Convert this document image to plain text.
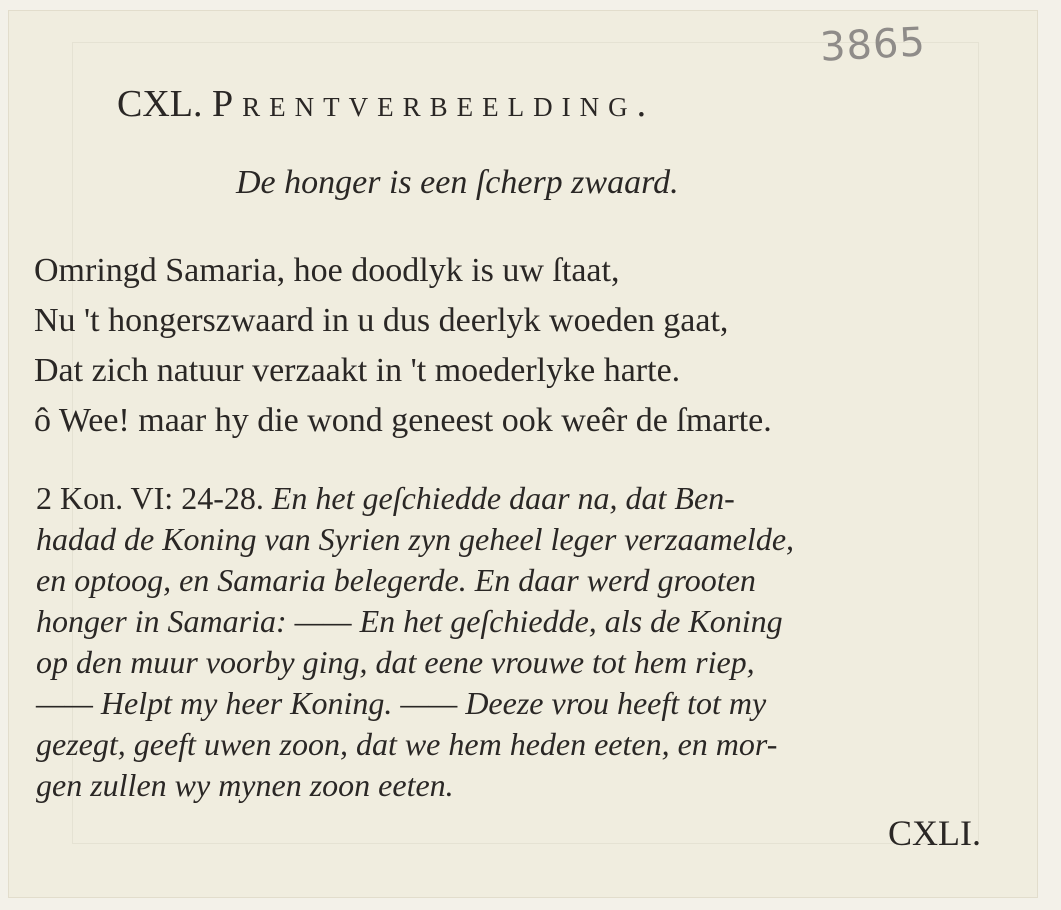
3865
CXL. Prentverbeelding.
De honger is een ſcherp zwaard.
Omringd Samaria, hoe doodlyk is uw ſtaat,
Nu 't hongerszwaard in u dus deerlyk woeden gaat,
Dat zich natuur verzaakt in 't moederlyke harte.
ô Wee! maar hy die wond geneest ook weêr de ſmarte.
2 Kon. VI: 24-28. En het geſchiedde daar na, dat Ben-
hadad de Koning van Syrien zyn geheel leger verzaamelde,
en optoog, en Samaria belegerde. En daar werd grooten
honger in Samaria: —— En het geſchiedde, als de Koning
op den muur voorby ging, dat eene vrouwe tot hem riep,
—— Helpt my heer Koning. —— Deeze vrou heeft tot my
gezegt, geeft uwen zoon, dat we hem heden eeten, en mor-
gen zullen wy mynen zoon eeten.
CXLI.
